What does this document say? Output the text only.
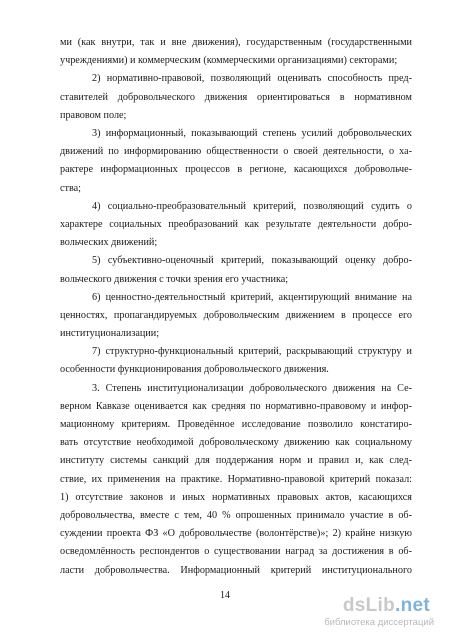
ми (как внутри, так и вне движения), государственным (государственными
учреждениями) и коммерческим (коммерческими организациями) секторами;
2) нормативно-правовой, позволяющий оценивать способность пред-
ставителей добровольческого движения ориентироваться в нормативном
правовом поле;
3) информационный, показывающий степень усилий добровольческих
движений по информированию общественности о своей деятельности, о ха-
рактере информационных процессов в регионе, касающихся добровольче-
ства;
4) социально-преобразовательный критерий, позволяющий судить о
характере социальных преобразований как результате деятельности добро-
вольческих движений;
5) субъективно-оценочный критерий, показывающий оценку добро-
вольческого движения с точки зрения его участника;
6) ценностно-деятельностный критерий, акцентирующий внимание на
ценностях, пропагандируемых добровольческим движением в процессе его
институционализации;
7) структурно-функциональный критерий, раскрывающий структуру и
особенности функционирования добровольческого движения.
3. Степень институционализации добровольческого движения на Се-
верном Кавказе оценивается как средняя по нормативно-правовому и инфор-
мационному критериям. Проведённое исследование позволило констатиро-
вать отсутствие необходимой добровольческому движению как социальному
институту системы санкций для поддержания норм и правил и, как след-
ствие, их применения на практике. Нормативно-правовой критерий показал:
1) отсутствие законов и иных нормативных правовых актов, касающихся
добровольчества, вместе с тем, 40 % опрошенных принимало участие в об-
суждении проекта ФЗ «О добровольчестве (волонтёрстве)»; 2) крайне низкую
осведомлённость респондентов о существовании наград за достижения в об-
ласти добровольчества. Информационный критерий институционального
14	dsLib.net
библиотека диссертаций
